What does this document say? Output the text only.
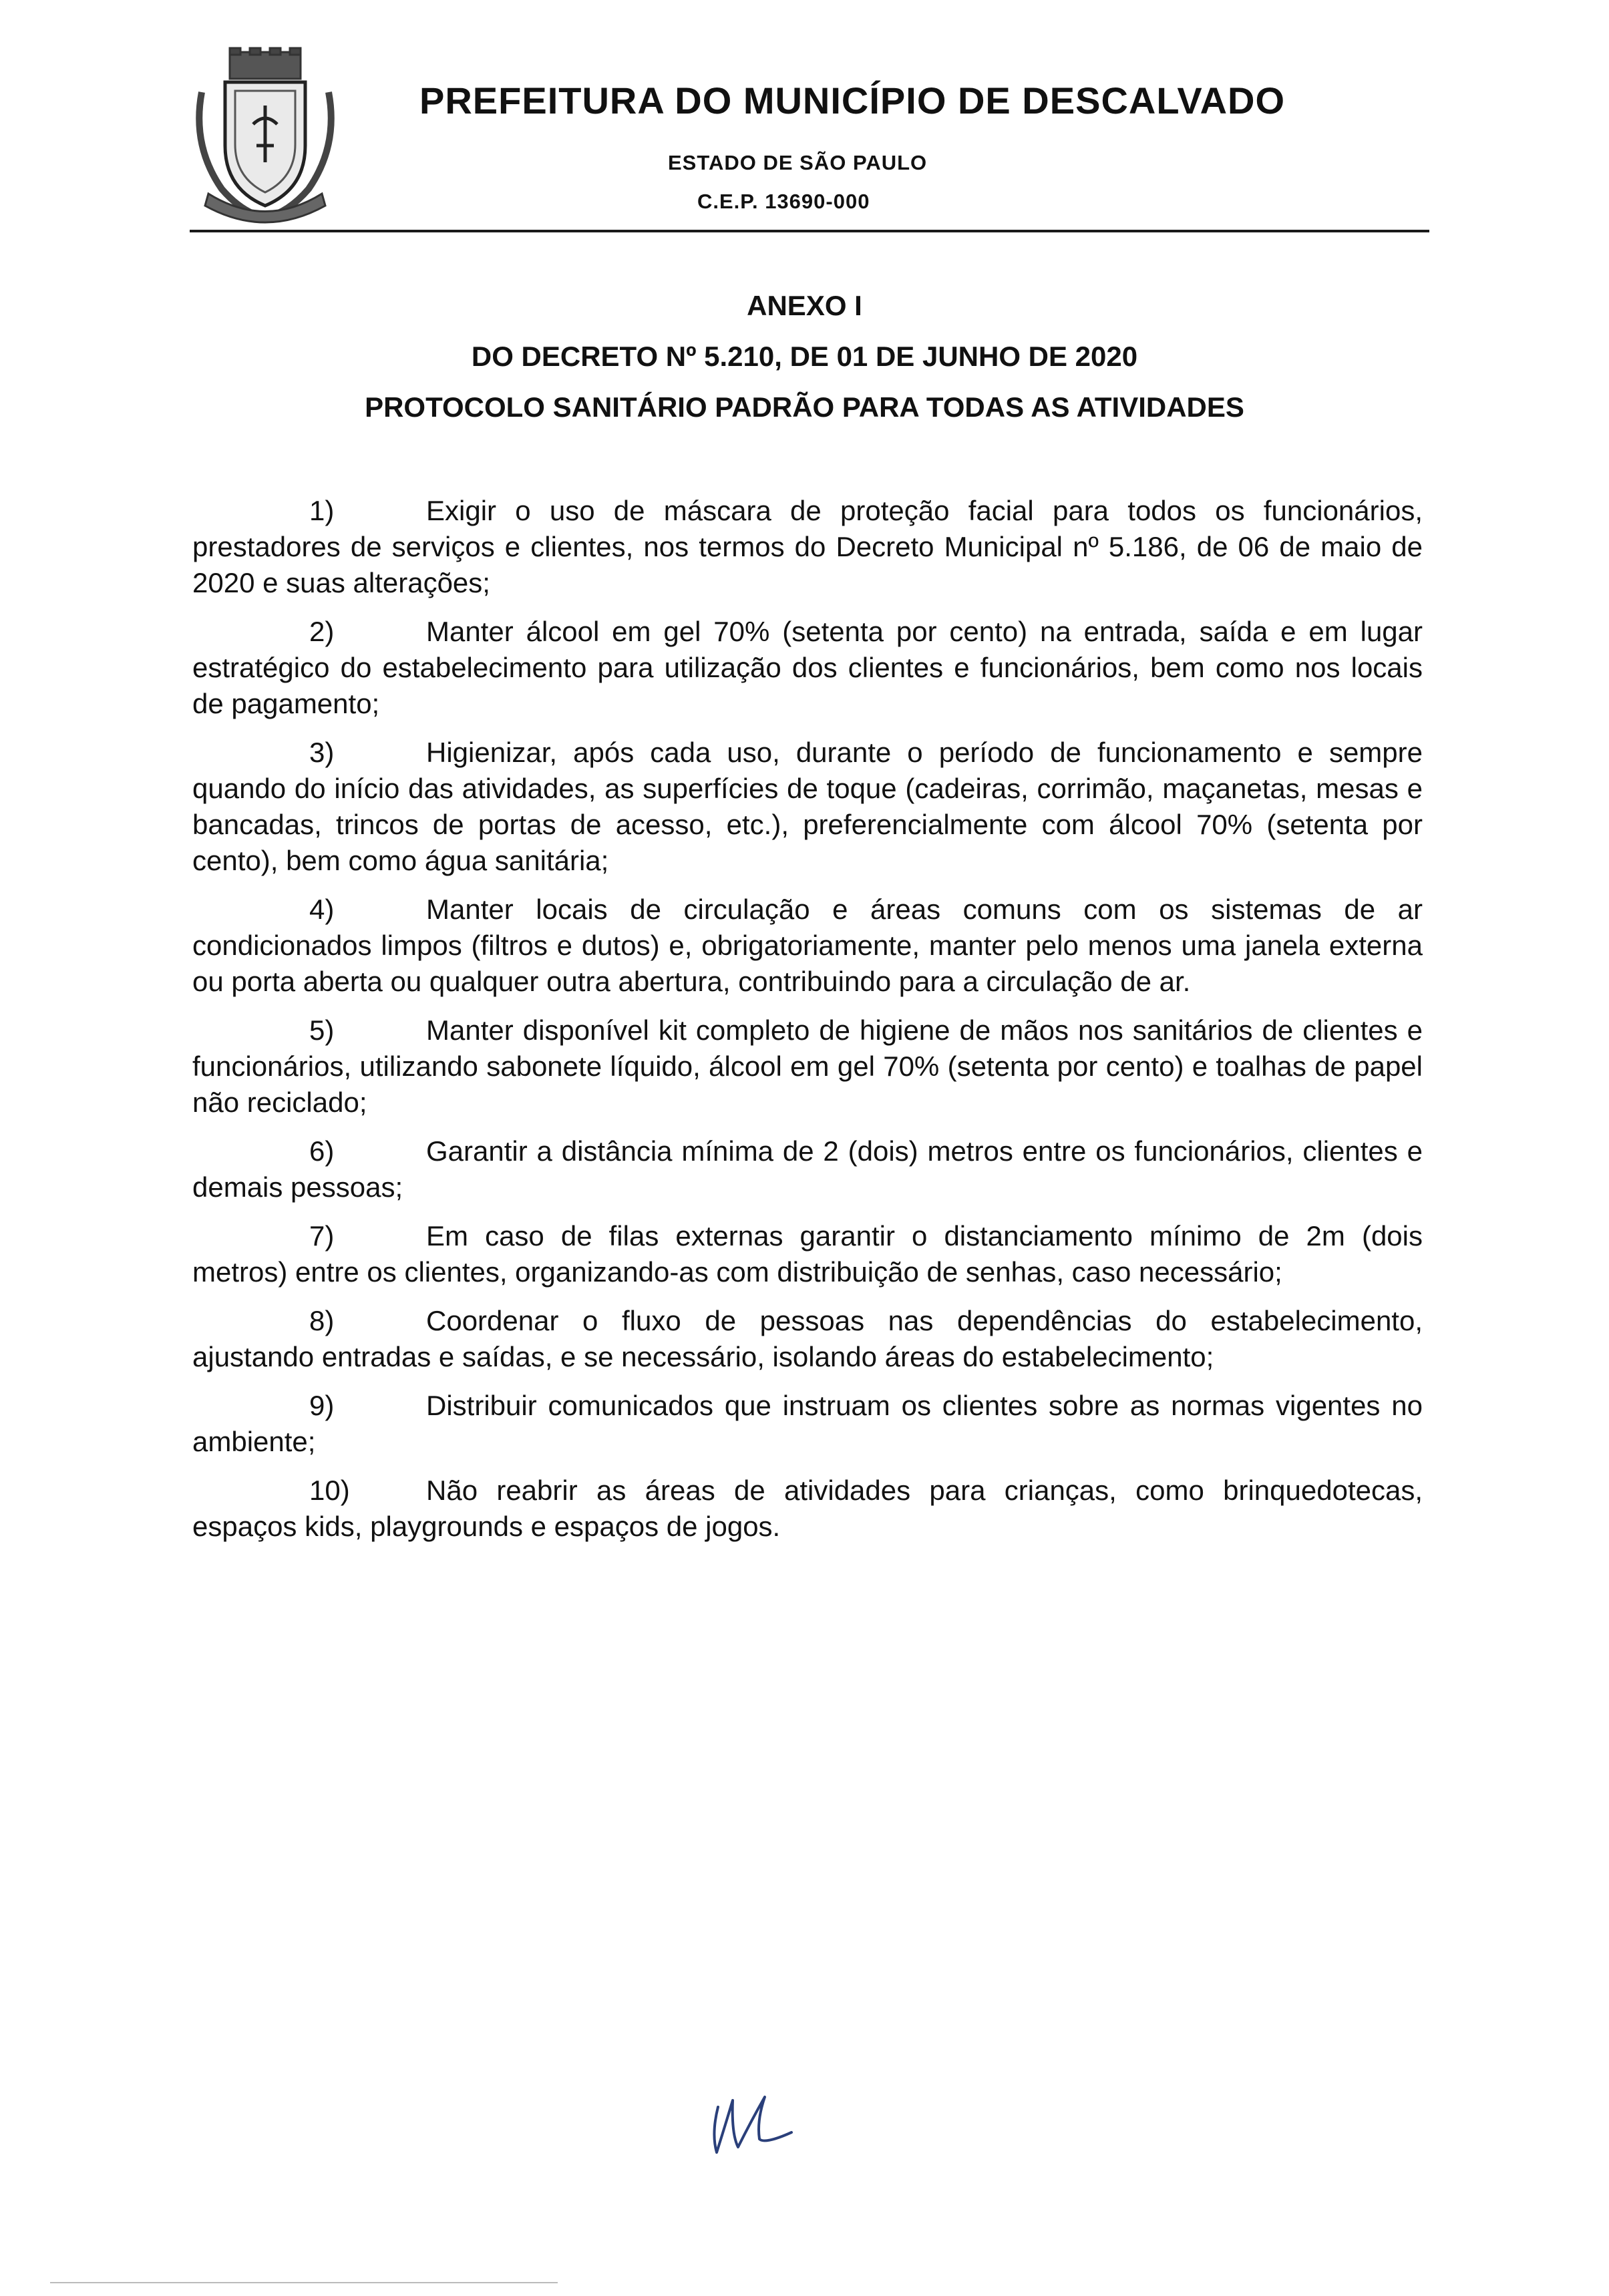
PREFEITURA DO MUNICÍPIO DE DESCALVADO
ESTADO DE SÃO PAULO
C.E.P. 13690-000
ANEXO I
DO DECRETO Nº 5.210, DE 01 DE JUNHO DE 2020
PROTOCOLO SANITÁRIO PADRÃO PARA TODAS AS ATIVIDADES

1)	Exigir o uso de máscara de proteção facial para todos os funcionários, prestadores de serviços e clientes, nos termos do Decreto Municipal nº 5.186, de 06 de maio de 2020 e suas alterações;

2)	Manter álcool em gel 70% (setenta por cento) na entrada, saída e em lugar estratégico do estabelecimento para utilização dos clientes e funcionários, bem como nos locais de pagamento;

3)	Higienizar, após cada uso, durante o período de funcionamento e sempre quando do início das atividades, as superfícies de toque (cadeiras, corrimão, maçanetas, mesas e bancadas, trincos de portas de acesso, etc.), preferencialmente com álcool 70% (setenta por cento), bem como água sanitária;

4)	Manter locais de circulação e áreas comuns com os sistemas de ar condicionados limpos (filtros e dutos) e, obrigatoriamente, manter pelo menos uma janela externa ou porta aberta ou qualquer outra abertura, contribuindo para a circulação de ar.

5)	Manter disponível kit completo de higiene de mãos nos sanitários de clientes e funcionários, utilizando sabonete líquido, álcool em gel 70% (setenta por cento) e toalhas de papel não reciclado;

6)	Garantir a distância mínima de 2 (dois) metros entre os funcionários, clientes e demais pessoas;

7)	Em caso de filas externas garantir o distanciamento mínimo de 2m (dois metros) entre os clientes, organizando-as com distribuição de senhas, caso necessário;

8)	Coordenar o fluxo de pessoas nas dependências do estabelecimento, ajustando entradas e saídas, e se necessário, isolando áreas do estabelecimento;

9)	Distribuir comunicados que instruam os clientes sobre as normas vigentes no ambiente;

10)	Não reabrir as áreas de atividades para crianças, como brinquedotecas, espaços kids, playgrounds e espaços de jogos.
